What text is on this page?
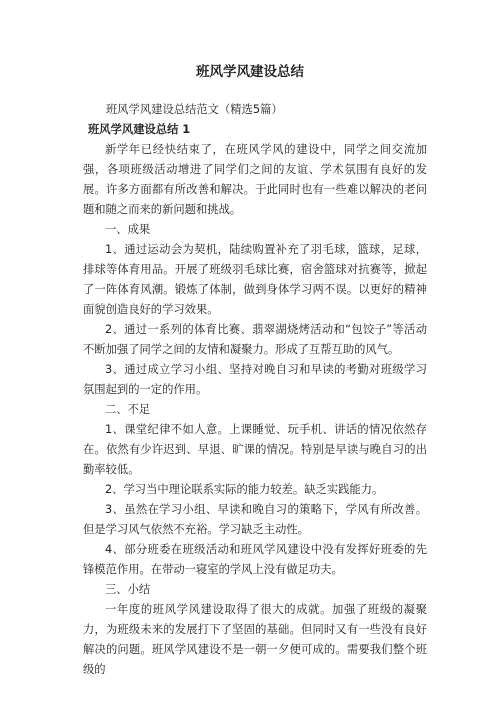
班风学风建设总结

班风学风建设总结范文（精选5篇）

班风学风建设总结 1

新学年已经快结束了，在班风学风的建设中，同学之间交流加强，各项班级活动增进了同学们之间的友谊、学术氛围有良好的发展。许多方面都有所改善和解决。于此同时也有一些难以解决的老问题和随之而来的新问题和挑战。

一、成果

1、通过运动会为契机，陆续购置补充了羽毛球，篮球，足球，排球等体育用品。开展了班级羽毛球比赛，宿舍篮球对抗赛等，掀起了一阵体育风潮。锻炼了体制，做到身体学习两不误。以更好的精神面貌创造良好的学习效果。

2、通过一系列的体育比赛、翡翠湖烧烤活动和“包饺子”等活动不断加强了同学之间的友情和凝聚力。形成了互帮互助的风气。

3、通过成立学习小组、坚持对晚自习和早读的考勤对班级学习氛围起到的一定的作用。

二、不足

1、课堂纪律不如人意。上课睡觉、玩手机、讲话的情况依然存在。依然有少许迟到、早退、旷课的情况。特别是早读与晚自习的出勤率较低。

2、学习当中理论联系实际的能力较差。缺乏实践能力。

3、虽然在学习小组、早读和晚自习的策略下，学风有所改善。但是学习风气依然不充裕。学习缺乏主动性。

4、部分班委在班级活动和班风学风建设中没有发挥好班委的先锋模范作用。在带动一寝室的学风上没有做足功夫。

三、小结

一年度的班风学风建设取得了很大的成就。加强了班级的凝聚力，为班级未来的发展打下了坚固的基础。但同时又有一些没有良好解决的问题。班风学风建设不是一朝一夕便可成的。需要我们整个班级的
